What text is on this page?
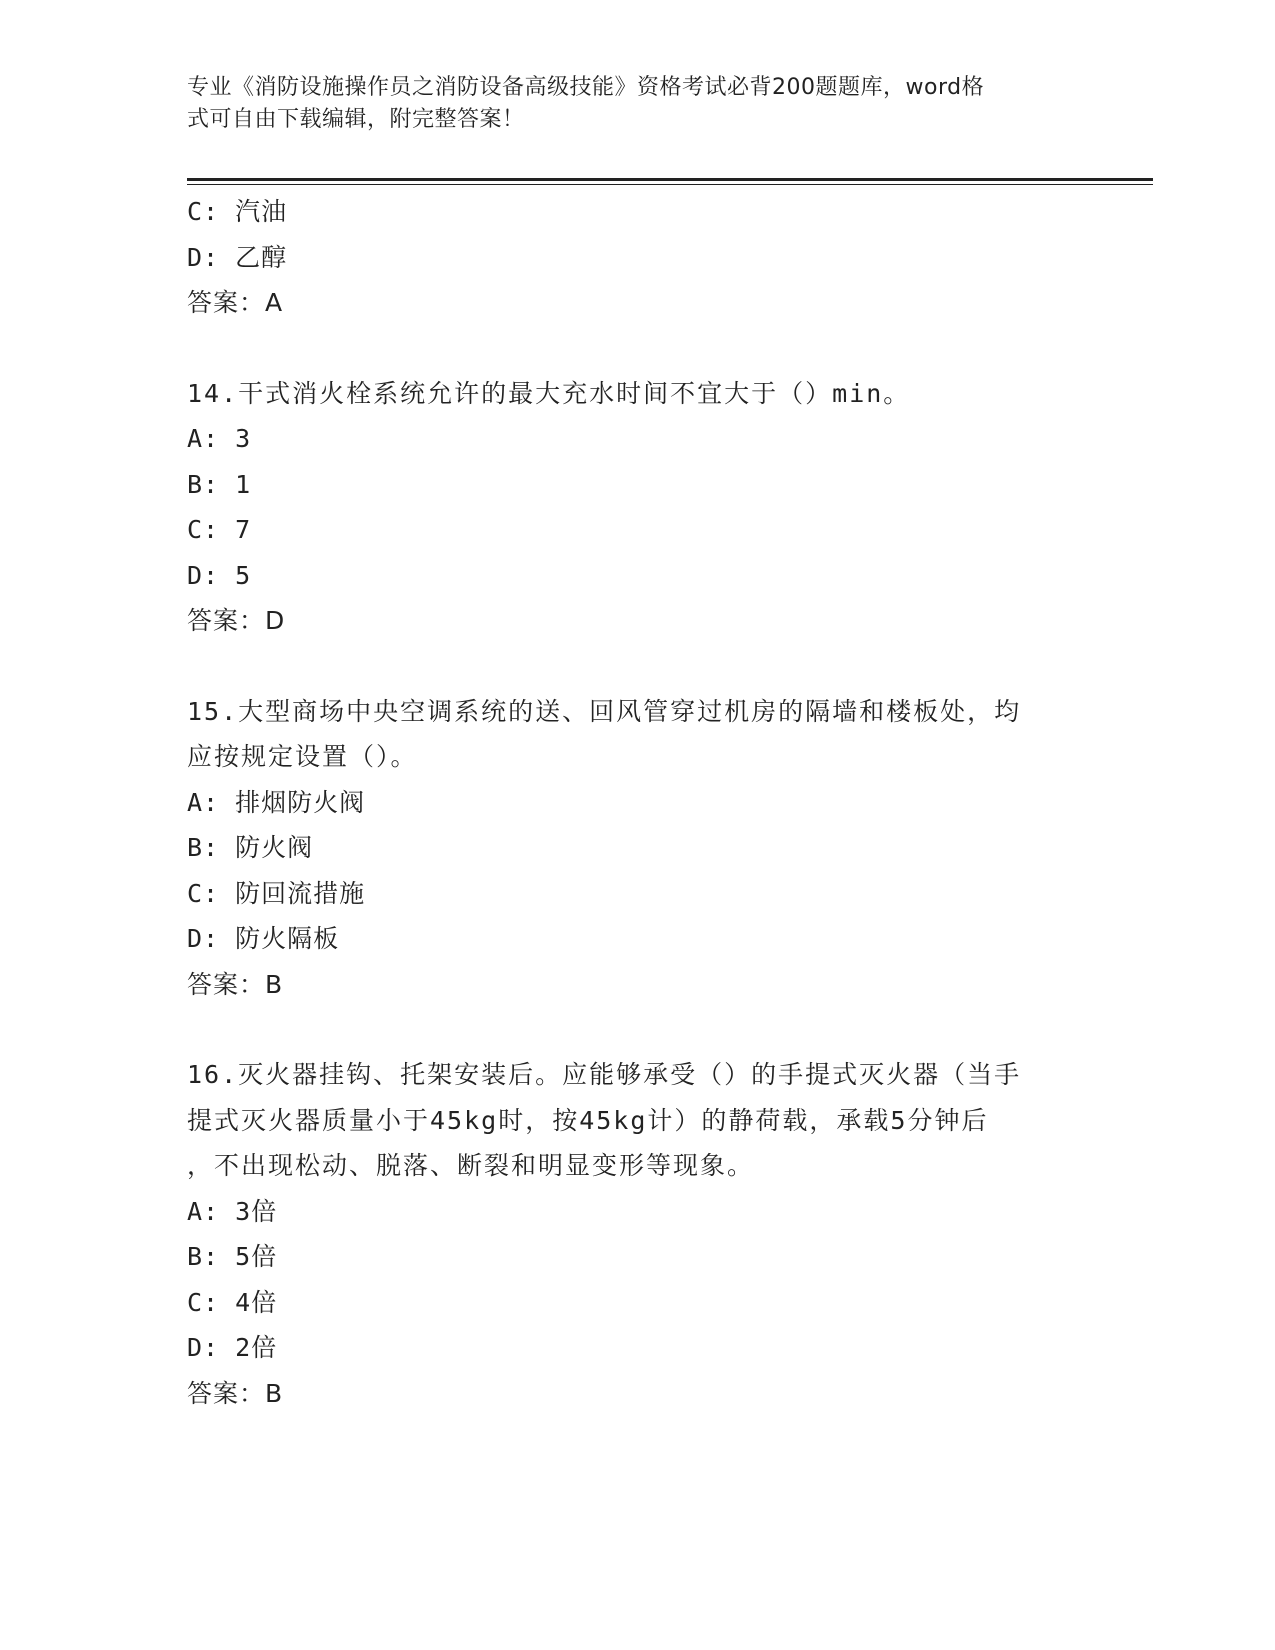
专业《消防设施操作员之消防设备高级技能》资格考试必背200题题库，word格
式可自由下载编辑，附完整答案！
C: 汽油
D: 乙醇
答案：A
14.干式消火栓系统允许的最大充水时间不宜大于（）min。
A: 3
B: 1
C: 7
D: 5
答案：D
15.大型商场中央空调系统的送、回风管穿过机房的隔墙和楼板处，均
应按规定设置（）。
A: 排烟防火阀
B: 防火阀
C: 防回流措施
D: 防火隔板
答案：B
16.灭火器挂钩、托架安装后。应能够承受（）的手提式灭火器（当手
提式灭火器质量小于45kg时，按45kg计）的静荷载，承载5分钟后
，不出现松动、脱落、断裂和明显变形等现象。
A: 3倍
B: 5倍
C: 4倍
D: 2倍
答案：B
